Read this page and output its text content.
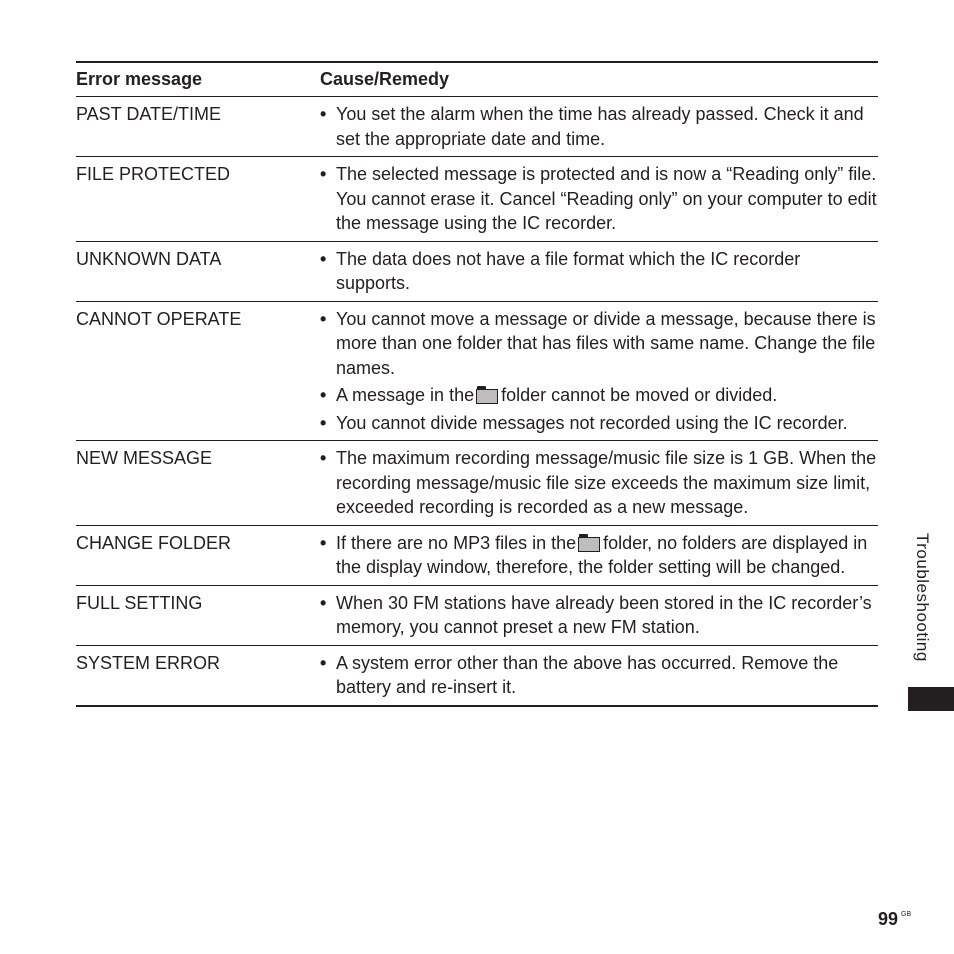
Error message	Cause/Remedy
PAST DATE/TIME	• You set the alarm when the time has already passed. Check it and set the appropriate date and time.
FILE PROTECTED	• The selected message is protected and is now a “Reading only” file. You cannot erase it. Cancel “Reading only” on your computer to edit the message using the IC recorder.
UNKNOWN DATA	• The data does not have a file format which the IC recorder supports.
CANNOT OPERATE	• You cannot move a message or divide a message, because there is more than one folder that has files with same name. Change the file names.
• A message in the folder cannot be moved or divided.
• You cannot divide messages not recorded using the IC recorder.
NEW MESSAGE	• The maximum recording message/music file size is 1 GB. When the recording message/music file size exceeds the maximum size limit, exceeded recording is recorded as a new message.
CHANGE FOLDER	• If there are no MP3 files in the folder, no folders are displayed in the display window, therefore, the folder setting will be changed.
FULL SETTING	• When 30 FM stations have already been stored in the IC recorder’s memory, you cannot preset a new FM station.
SYSTEM ERROR	• A system error other than the above has occurred. Remove the battery and re-insert it.
Troubleshooting
99 GB
